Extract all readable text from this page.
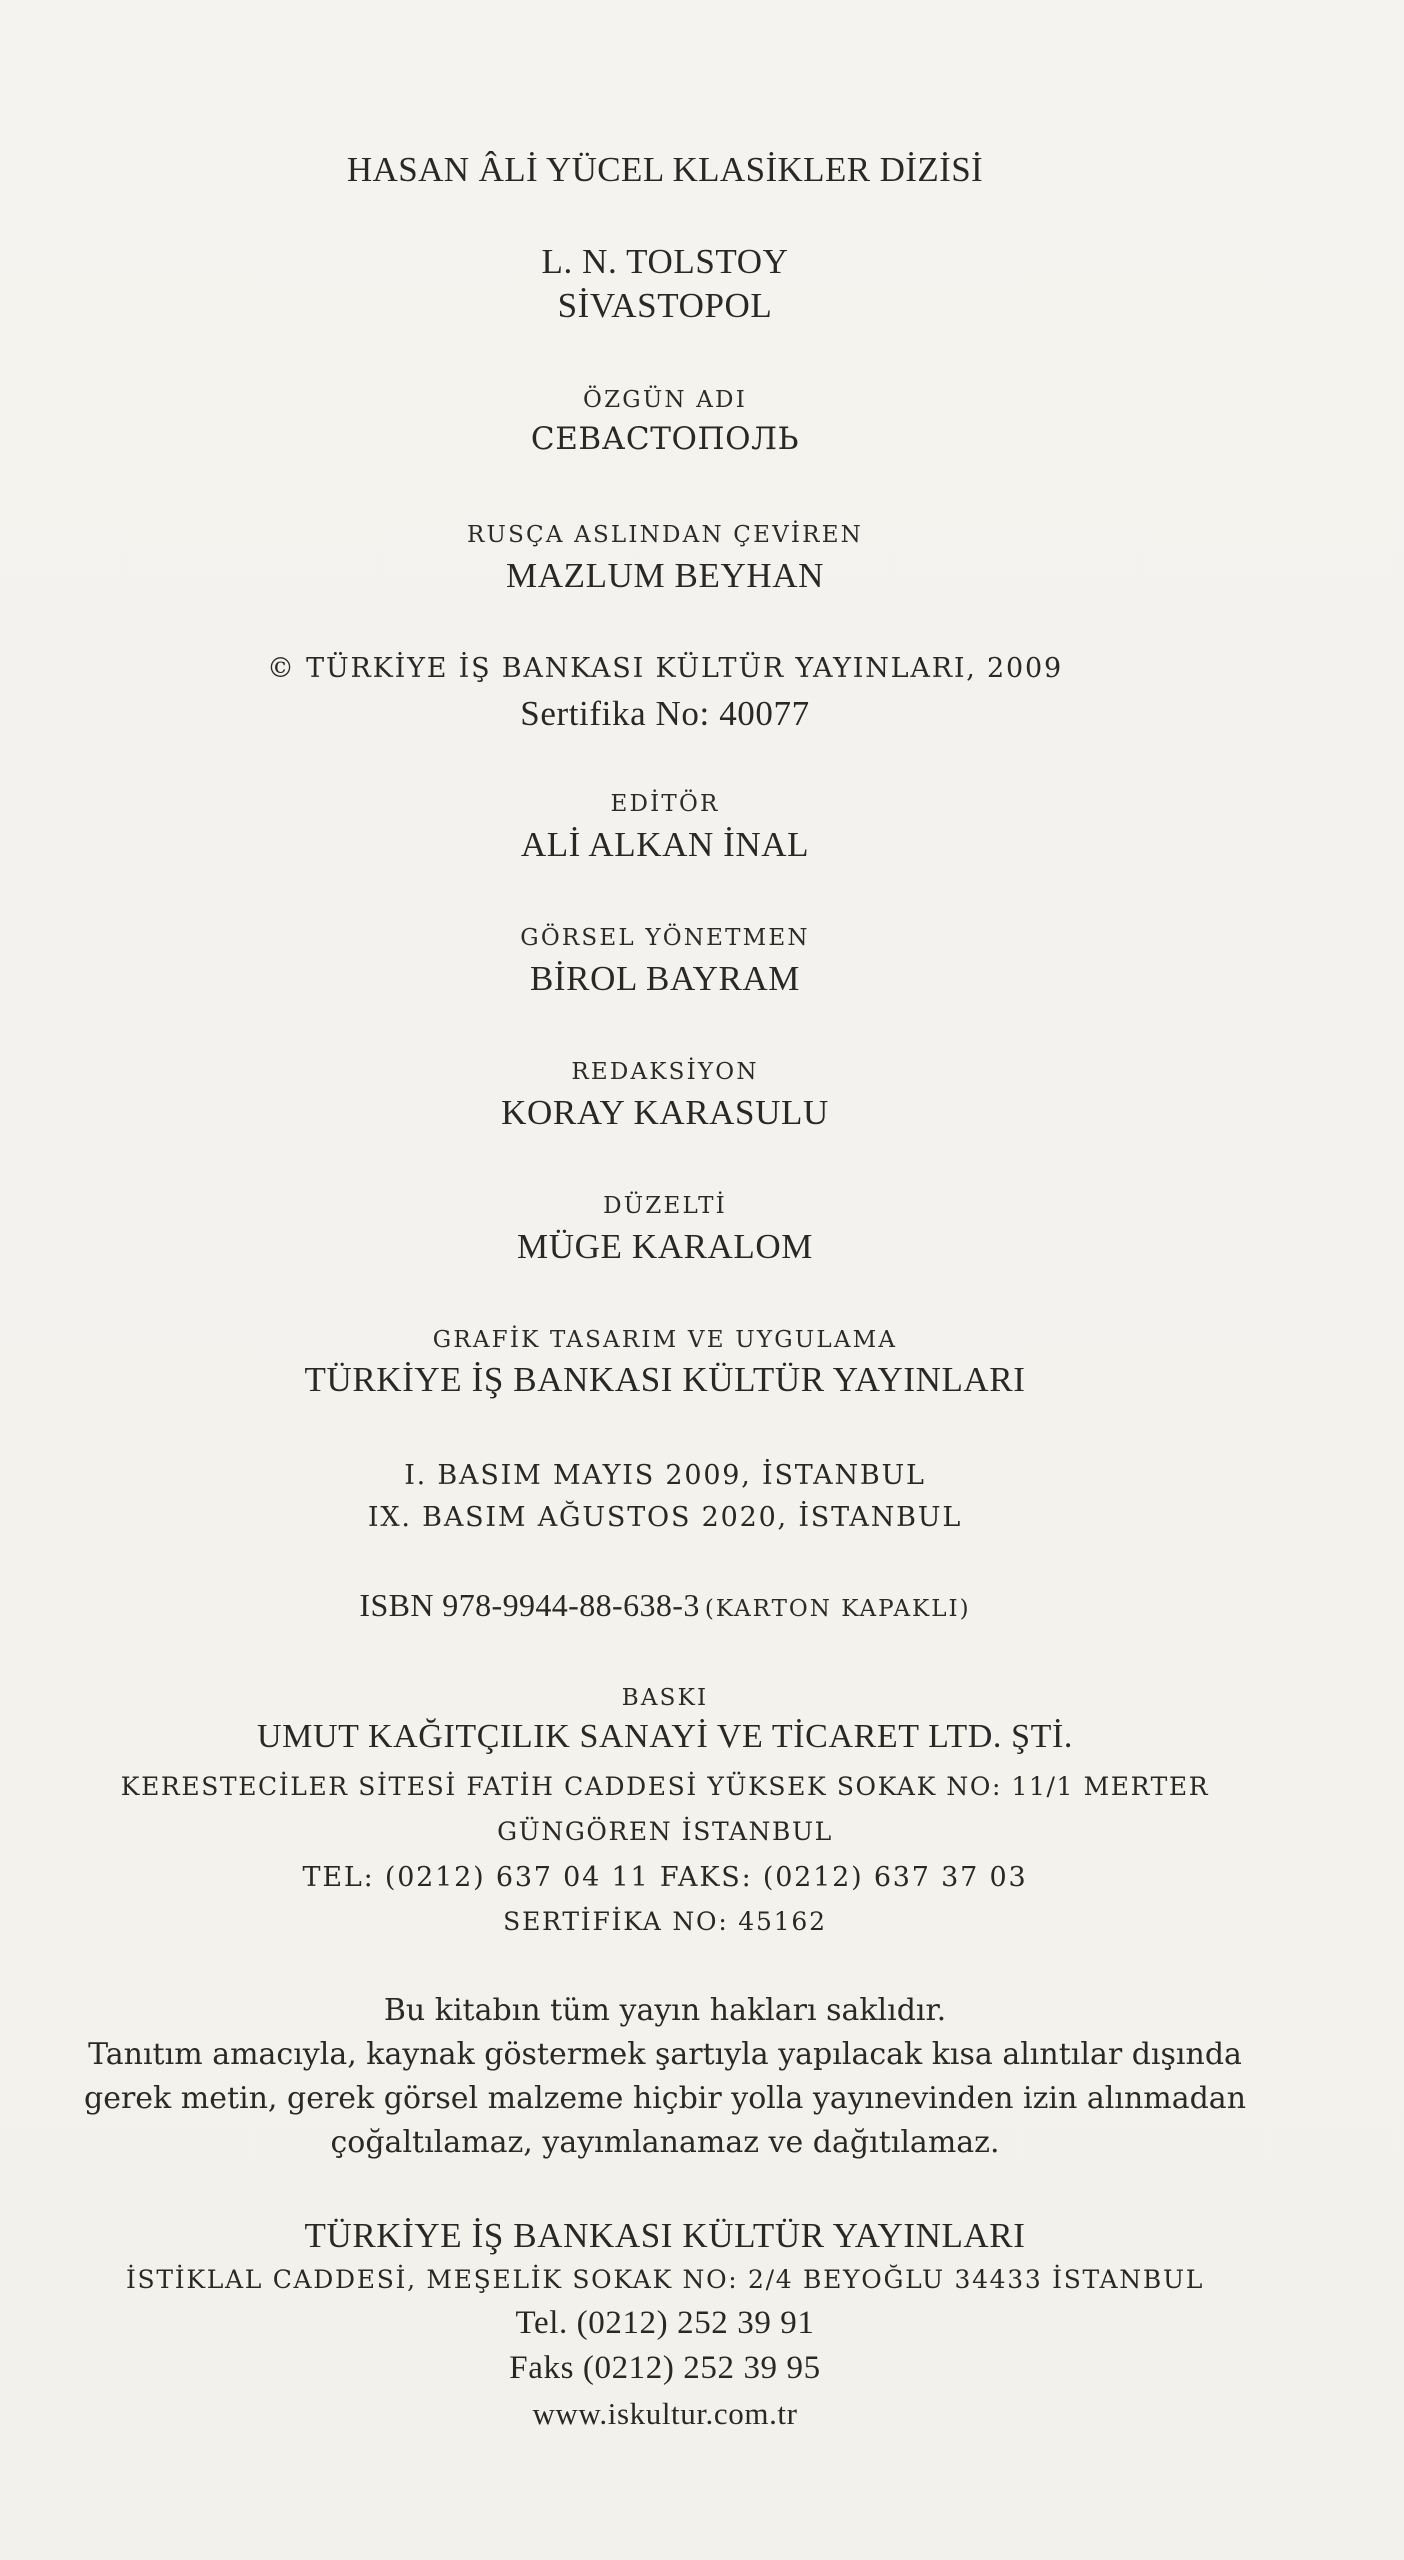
HASAN ÂLİ YÜCEL KLASİKLER DİZİSİ
L. N. TOLSTOY
SİVASTOPOL
ÖZGÜN ADI
СЕВАСТОПОЛЬ
RUSÇA ASLINDAN ÇEVİREN
MAZLUM BEYHAN
© TÜRKİYE İŞ BANKASI KÜLTÜR YAYINLARI, 2009
Sertifika No: 40077
EDİTÖR
ALİ ALKAN İNAL
GÖRSEL YÖNETMEN
BİROL BAYRAM
REDAKSİYON
KORAY KARASULU
DÜZELTİ
MÜGE KARALOM
GRAFİK TASARIM VE UYGULAMA
TÜRKİYE İŞ BANKASI KÜLTÜR YAYINLARI
I. BASIM MAYIS 2009, İSTANBUL
IX. BASIM AĞUSTOS 2020, İSTANBUL
ISBN 978-9944-88-638-3 (KARTON KAPAKLI)
BASKI
UMUT KAĞITÇILIK SANAYİ VE TİCARET LTD. ŞTİ.
KERESTECİLER SİTESİ FATİH CADDESİ YÜKSEK SOKAK NO: 11/1 MERTER
GÜNGÖREN İSTANBUL
TEL: (0212) 637 04 11 FAKS: (0212) 637 37 03
SERTİFİKA NO: 45162
Bu kitabın tüm yayın hakları saklıdır.
Tanıtım amacıyla, kaynak göstermek şartıyla yapılacak kısa alıntılar dışında
gerek metin, gerek görsel malzeme hiçbir yolla yayınevinden izin alınmadan
çoğaltılamaz, yayımlanamaz ve dağıtılamaz.
TÜRKİYE İŞ BANKASI KÜLTÜR YAYINLARI
İSTİKLAL CADDESİ, MEŞELİK SOKAK NO: 2/4 BEYOĞLU 34433 İSTANBUL
Tel. (0212) 252 39 91
Faks (0212) 252 39 95
www.iskultur.com.tr
